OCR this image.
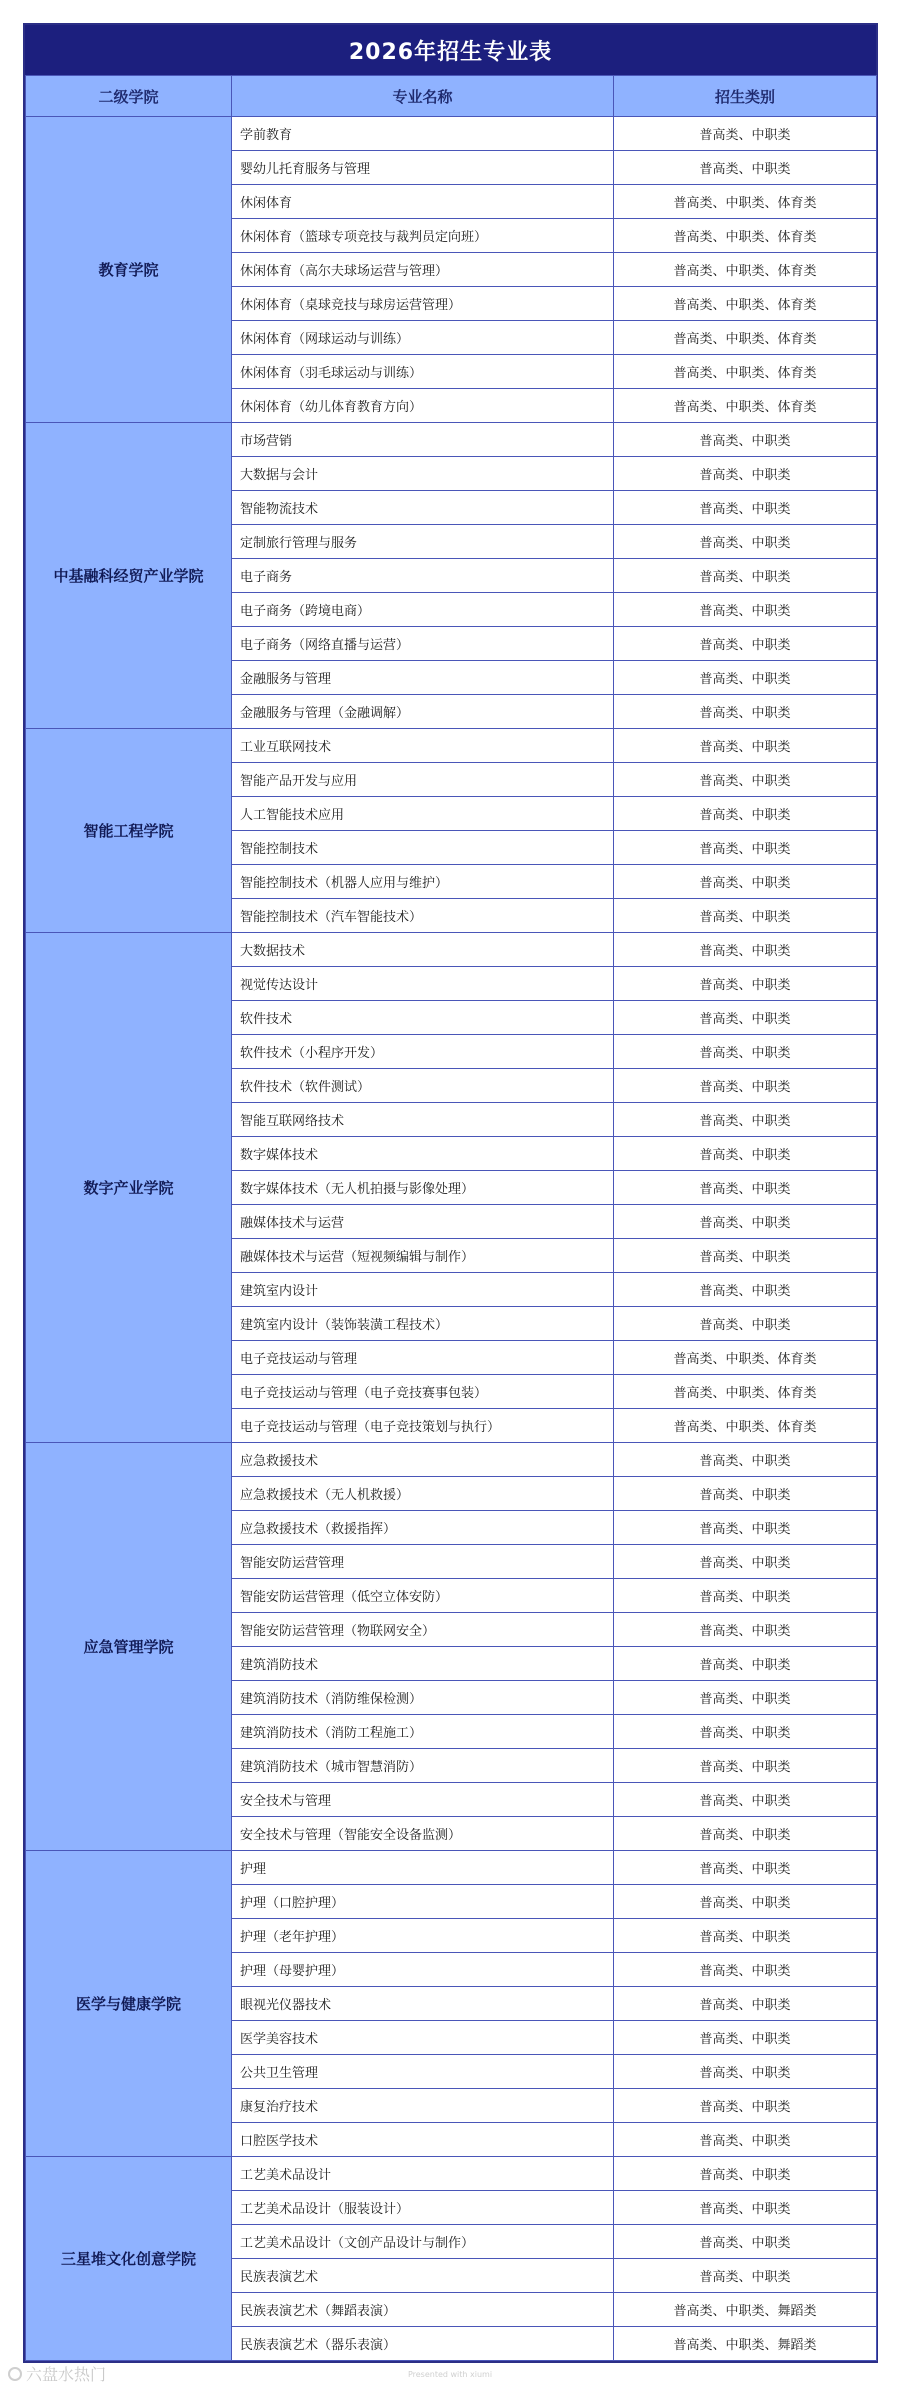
2026年招生专业表
二级学院	专业名称	招生类别
教育学院	学前教育	普高类、中职类
	婴幼儿托育服务与管理	普高类、中职类
	休闲体育	普高类、中职类、体育类
	休闲体育（篮球专项竞技与裁判员定向班）	普高类、中职类、体育类
	休闲体育（高尔夫球场运营与管理）	普高类、中职类、体育类
	休闲体育（桌球竞技与球房运营管理）	普高类、中职类、体育类
	休闲体育（网球运动与训练）	普高类、中职类、体育类
	休闲体育（羽毛球运动与训练）	普高类、中职类、体育类
	休闲体育（幼儿体育教育方向）	普高类、中职类、体育类
中基融科经贸产业学院	市场营销	普高类、中职类
	大数据与会计	普高类、中职类
	智能物流技术	普高类、中职类
	定制旅行管理与服务	普高类、中职类
	电子商务	普高类、中职类
	电子商务（跨境电商）	普高类、中职类
	电子商务（网络直播与运营）	普高类、中职类
	金融服务与管理	普高类、中职类
	金融服务与管理（金融调解）	普高类、中职类
智能工程学院	工业互联网技术	普高类、中职类
	智能产品开发与应用	普高类、中职类
	人工智能技术应用	普高类、中职类
	智能控制技术	普高类、中职类
	智能控制技术（机器人应用与维护）	普高类、中职类
	智能控制技术（汽车智能技术）	普高类、中职类
数字产业学院	大数据技术	普高类、中职类
	视觉传达设计	普高类、中职类
	软件技术	普高类、中职类
	软件技术（小程序开发）	普高类、中职类
	软件技术（软件测试）	普高类、中职类
	智能互联网络技术	普高类、中职类
	数字媒体技术	普高类、中职类
	数字媒体技术（无人机拍摄与影像处理）	普高类、中职类
	融媒体技术与运营	普高类、中职类
	融媒体技术与运营（短视频编辑与制作）	普高类、中职类
	建筑室内设计	普高类、中职类
	建筑室内设计（装饰装潢工程技术）	普高类、中职类
	电子竞技运动与管理	普高类、中职类、体育类
	电子竞技运动与管理（电子竞技赛事包装）	普高类、中职类、体育类
	电子竞技运动与管理（电子竞技策划与执行）	普高类、中职类、体育类
应急管理学院	应急救援技术	普高类、中职类
	应急救援技术（无人机救援）	普高类、中职类
	应急救援技术（救援指挥）	普高类、中职类
	智能安防运营管理	普高类、中职类
	智能安防运营管理（低空立体安防）	普高类、中职类
	智能安防运营管理（物联网安全）	普高类、中职类
	建筑消防技术	普高类、中职类
	建筑消防技术（消防维保检测）	普高类、中职类
	建筑消防技术（消防工程施工）	普高类、中职类
	建筑消防技术（城市智慧消防）	普高类、中职类
	安全技术与管理	普高类、中职类
	安全技术与管理（智能安全设备监测）	普高类、中职类
医学与健康学院	护理	普高类、中职类
	护理（口腔护理）	普高类、中职类
	护理（老年护理）	普高类、中职类
	护理（母婴护理）	普高类、中职类
	眼视光仪器技术	普高类、中职类
	医学美容技术	普高类、中职类
	公共卫生管理	普高类、中职类
	康复治疗技术	普高类、中职类
	口腔医学技术	普高类、中职类
三星堆文化创意学院	工艺美术品设计	普高类、中职类
	工艺美术品设计（服装设计）	普高类、中职类
	工艺美术品设计（文创产品设计与制作）	普高类、中职类
	民族表演艺术	普高类、中职类
	民族表演艺术（舞蹈表演）	普高类、中职类、舞蹈类
	民族表演艺术（器乐表演）	普高类、中职类、舞蹈类
六盘水热门	Presented with xiumi
